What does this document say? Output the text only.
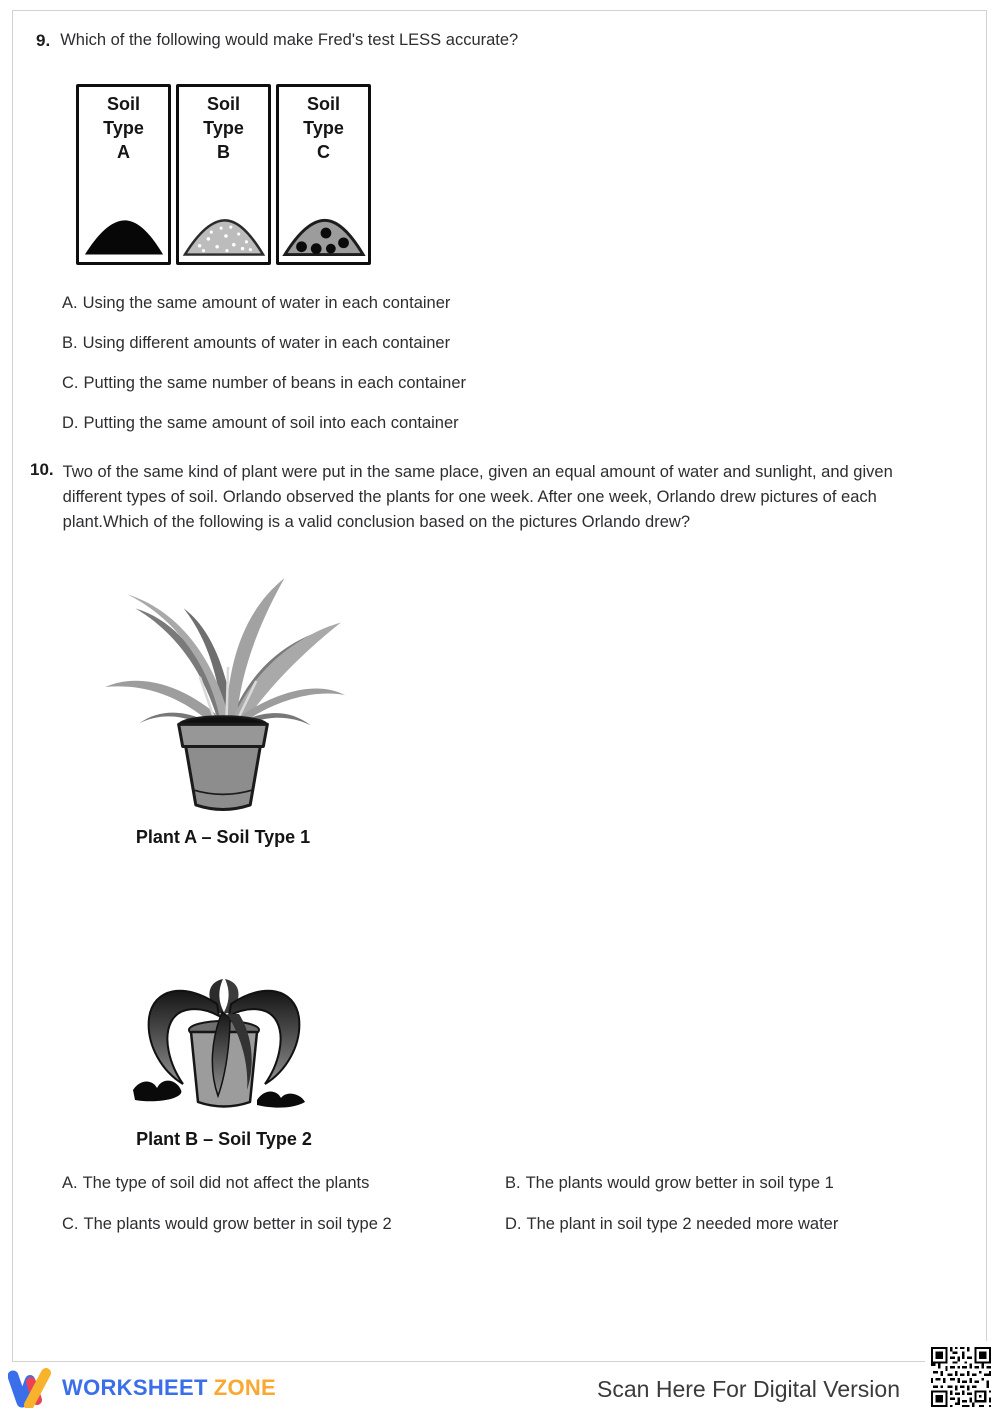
9. Which of the following would make Fred's test LESS accurate?
Soil
Type
A
Soil
Type
B
Soil
Type
C
A. Using the same amount of water in each container
B. Using different amounts of water in each container
C. Putting the same number of beans in each container
D. Putting the same amount of soil into each container
10. Two of the same kind of plant were put in the same place, given an equal amount of water and sunlight, and given different types of soil. Orlando observed the plants for one week. After one week, Orlando drew pictures of each plant.Which of the following is a valid conclusion based on the pictures Orlando drew?
Plant A – Soil Type 1
Plant B – Soil Type 2
A. The type of soil did not affect the plants	B. The plants would grow better in soil type 1
C. The plants would grow better in soil type 2	D. The plant in soil type 2 needed more water
WORKSHEET ZONE	Scan Here For Digital Version
